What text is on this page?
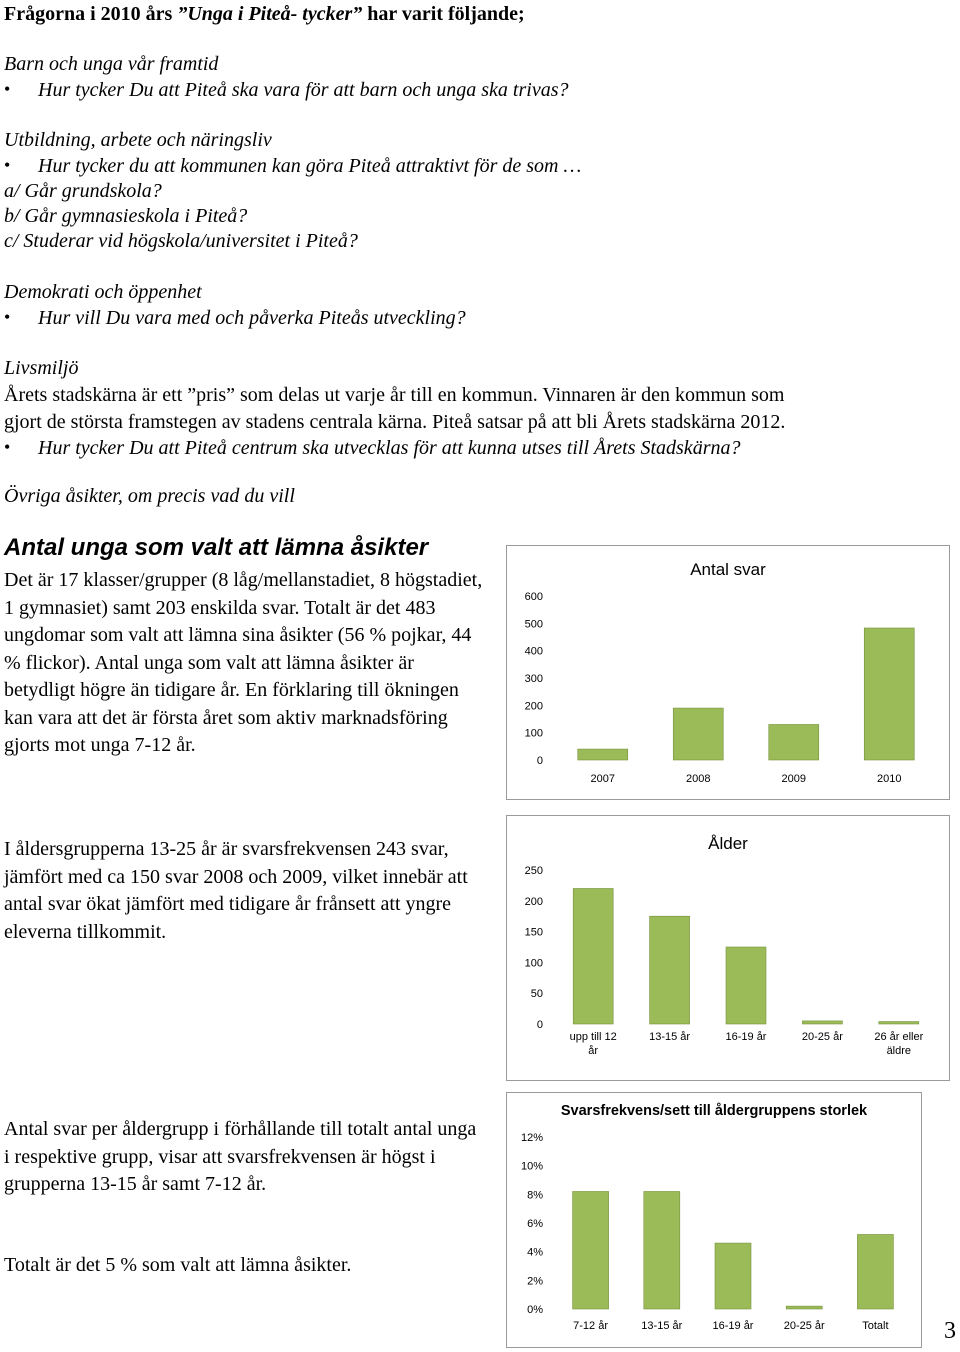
Frågorna i 2010 års ”Unga i Piteå- tycker” har varit följande;
Barn och unga vår framtid
• Hur tycker Du att Piteå ska vara för att barn och unga ska trivas?
Utbildning, arbete och näringsliv
• Hur tycker du att kommunen kan göra Piteå attraktivt för de som …
a/ Går grundskola?
b/ Går gymnasieskola i Piteå?
c/ Studerar vid högskola/universitet i Piteå?
Demokrati och öppenhet
• Hur vill Du vara med och påverka Piteås utveckling?
Livsmiljö
Årets stadskärna är ett ”pris” som delas ut varje år till en kommun. Vinnaren är den kommun som
gjort de största framstegen av stadens centrala kärna. Piteå satsar på att bli Årets stadskärna 2012.
• Hur tycker Du att Piteå centrum ska utvecklas för att kunna utses till Årets Stadskärna?
Övriga åsikter, om precis vad du vill
Antal unga som valt att lämna åsikter
Det är 17 klasser/grupper (8 låg/mellanstadiet, 8 högstadiet, 1 gymnasiet) samt 203 enskilda svar. Totalt är det 483 ungdomar som valt att lämna sina åsikter (56 % pojkar, 44 % flickor). Antal unga som valt att lämna åsikter är betydligt högre än tidigare år. En förklaring till ökningen kan vara att det är första året som aktiv marknadsföring gjorts mot unga 7-12 år.
Antal svar
0
100
200
300
400
500
600
2007	2008	2009	2010
I åldersgrupperna 13-25 år är svarsfrekvensen 243 svar, jämfört med ca 150 svar 2008 och 2009, vilket innebär att antal svar ökat jämfört med tidigare år frånsett att yngre eleverna tillkommit.
Ålder
0
50
100
150
200
250
upp till 12
år
13-15 år	16-19 år	20-25 år	26 år eller
äldre
Antal svar per åldergrupp i förhållande till totalt antal unga i respektive grupp, visar att svarsfrekvensen är högst i grupperna 13-15 år samt 7-12 år.
Totalt är det 5 % som valt att lämna åsikter.
Svarsfrekvens/sett till åldergruppens storlek
0%
2%
4%
6%
8%
10%
12%
7-12 år	13-15 år	16-19 år	20-25 år	Totalt 3
